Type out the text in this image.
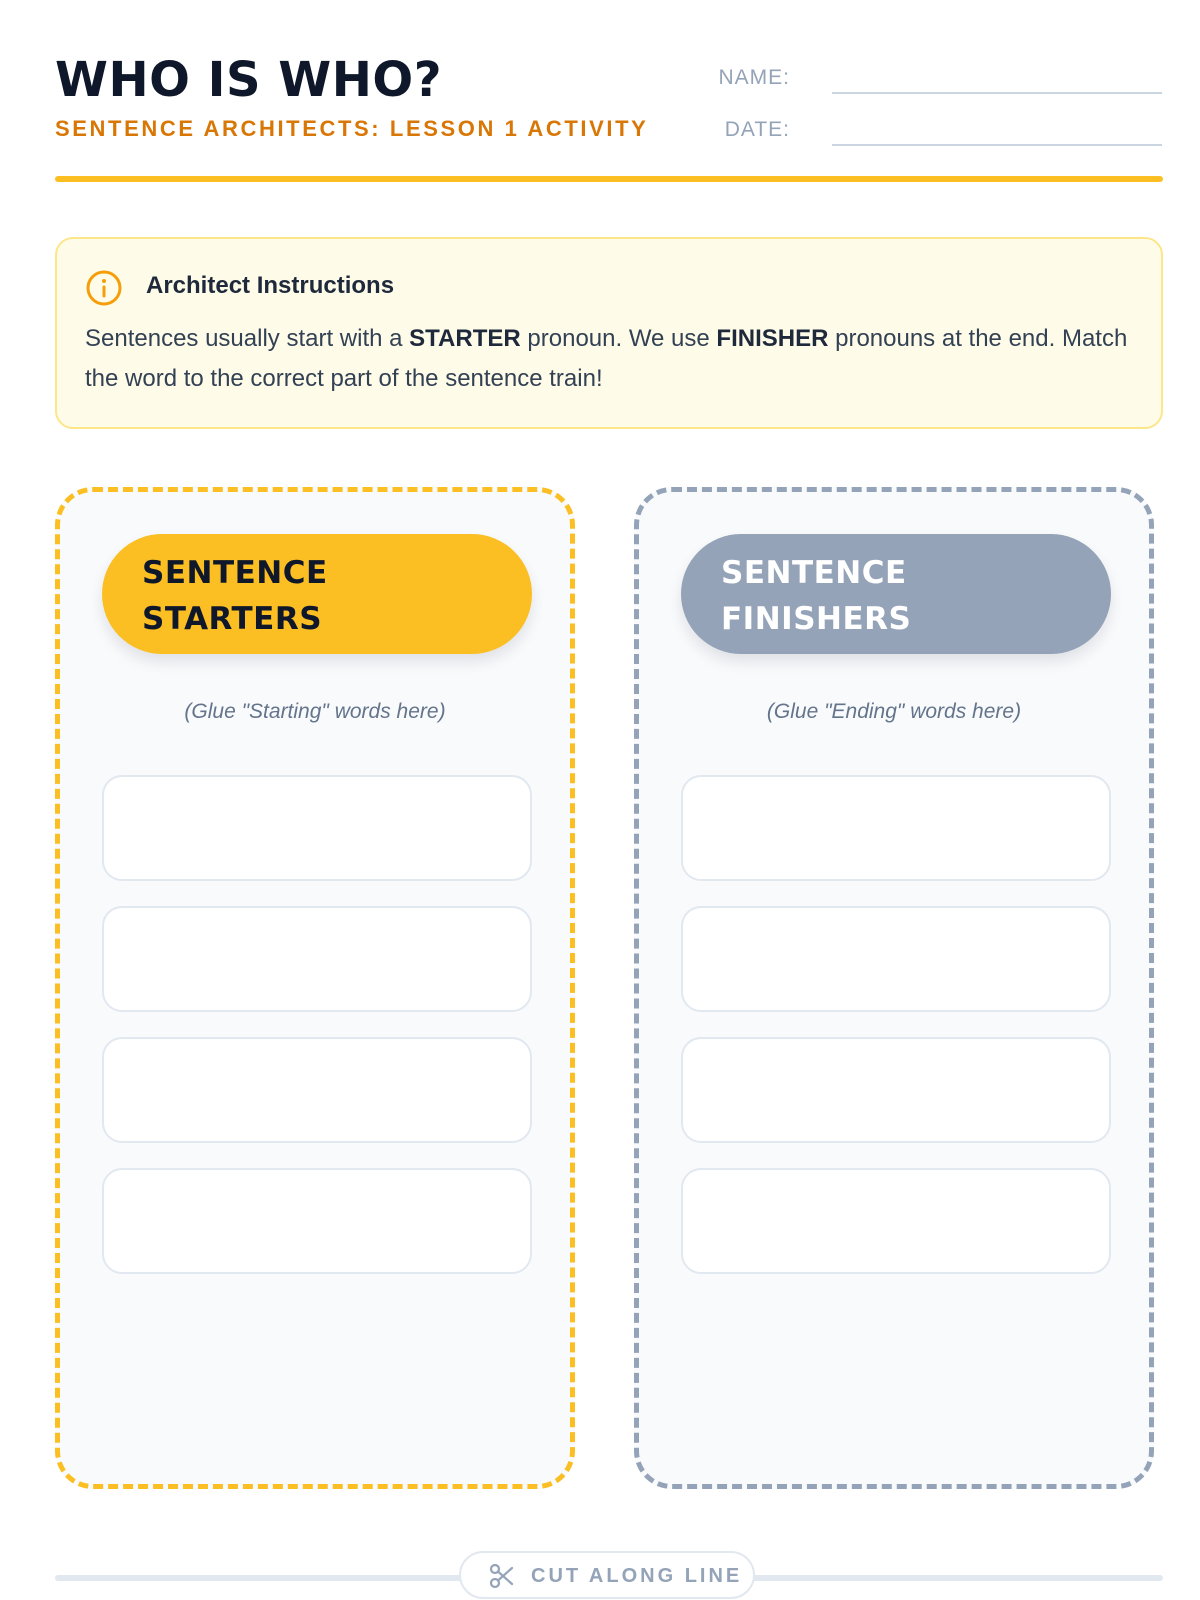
WHO IS WHO?
SENTENCE ARCHITECTS: LESSON 1 ACTIVITY
NAME:
DATE:
Architect Instructions
Sentences usually start with a STARTER pronoun. We use FINISHER pronouns at the end. Match the word to the correct part of the sentence train!
SENTENCE
STARTERS
(Glue "Starting" words here)
SENTENCE
FINISHERS
(Glue "Ending" words here)
CUT ALONG LINE
